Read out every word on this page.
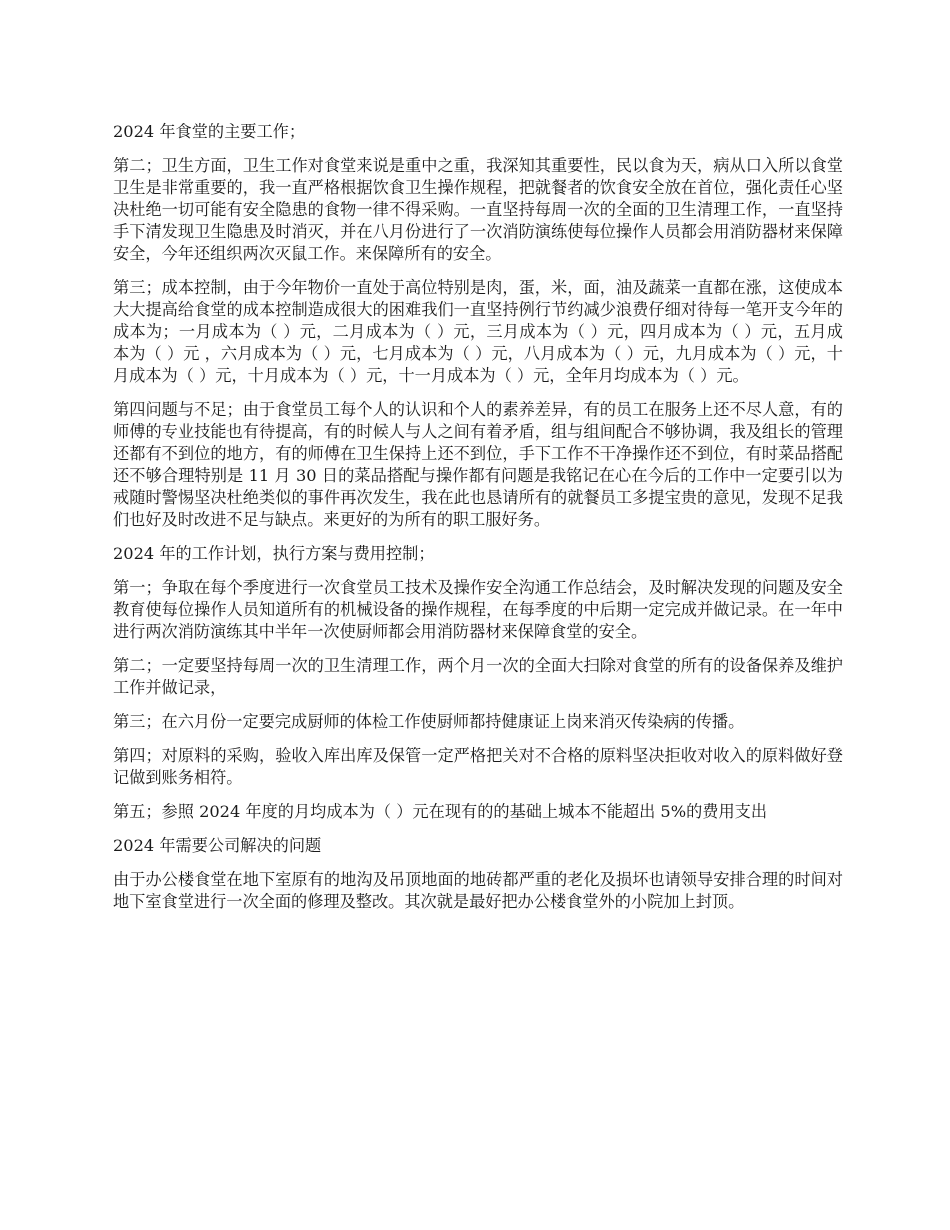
2024 年食堂的主要工作；

第二；卫生方面，卫生工作对食堂来说是重中之重，我深知其重要性，民以食为天，病从口入所以食堂卫生是非常重要的，我一直严格根据饮食卫生操作规程，把就餐者的饮食安全放在首位，强化责任心坚决杜绝一切可能有安全隐患的食物一律不得采购。一直坚持每周一次的全面的卫生清理工作，一直坚持手下清发现卫生隐患及时消灭，并在八月份进行了一次消防演练使每位操作人员都会用消防器材来保障安全，今年还组织两次灭鼠工作。来保障所有的安全。

第三；成本控制，由于今年物价一直处于高位特别是肉，蛋，米，面，油及蔬菜一直都在涨，这使成本大大提高给食堂的成本控制造成很大的困难我们一直坚持例行节约减少浪费仔细对待每一笔开支今年的成本为；一月成本为（ ）元，二月成本为（ ）元，三月成本为（ ）元，四月成本为（ ）元，五月成本为（ ）元 ，六月成本为（ ）元，七月成本为（ ）元，八月成本为（ ）元，九月成本为（ ）元，十月成本为（ ）元，十月成本为（ ）元，十一月成本为（ ）元，全年月均成本为（ ）元。

第四问题与不足；由于食堂员工每个人的认识和个人的素养差异，有的员工在服务上还不尽人意，有的师傅的专业技能也有待提高，有的时候人与人之间有着矛盾，组与组间配合不够协调，我及组长的管理还都有不到位的地方，有的师傅在卫生保持上还不到位，手下工作不干净操作还不到位，有时菜品搭配还不够合理特别是 11 月 30 日的菜品搭配与操作都有问题是我铭记在心在今后的工作中一定要引以为戒随时警惕坚决杜绝类似的事件再次发生，我在此也恳请所有的就餐员工多提宝贵的意见，发现不足我们也好及时改进不足与缺点。来更好的为所有的职工服好务。

2024 年的工作计划，执行方案与费用控制；

第一；争取在每个季度进行一次食堂员工技术及操作安全沟通工作总结会，及时解决发现的问题及安全教育使每位操作人员知道所有的机械设备的操作规程，在每季度的中后期一定完成并做记录。在一年中进行两次消防演练其中半年一次使厨师都会用消防器材来保障食堂的安全。

第二；一定要坚持每周一次的卫生清理工作，两个月一次的全面大扫除对食堂的所有的设备保养及维护工作并做记录，

第三；在六月份一定要完成厨师的体检工作使厨师都持健康证上岗来消灭传染病的传播。

第四；对原料的采购，验收入库出库及保管一定严格把关对不合格的原料坚决拒收对收入的原料做好登记做到账务相符。

第五；参照 2024 年度的月均成本为（ ）元在现有的的基础上城本不能超出 5%的费用支出

2024 年需要公司解决的问题

由于办公楼食堂在地下室原有的地沟及吊顶地面的地砖都严重的老化及损坏也请领导安排合理的时间对地下室食堂进行一次全面的修理及整改。其次就是最好把办公楼食堂外的小院加上封顶。
